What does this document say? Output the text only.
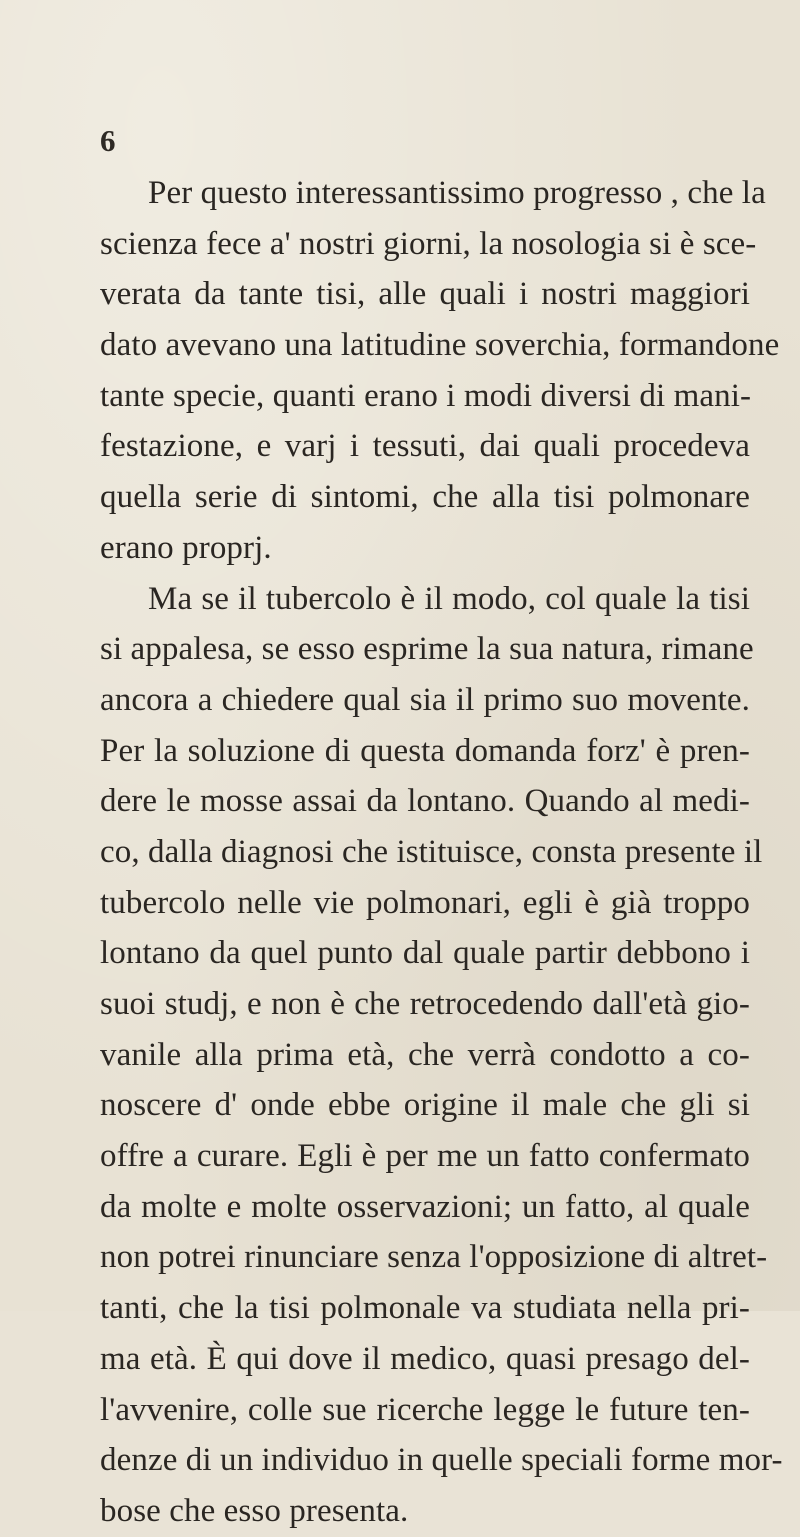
6
Per questo interessantissimo progresso , che la
scienza fece a' nostri giorni, la nosologia si è sce-
verata da tante tisi, alle quali i nostri maggiori
dato avevano una latitudine soverchia, formandone
tante specie, quanti erano i modi diversi di mani-
festazione, e varj i tessuti, dai quali procedeva
quella serie di sintomi, che alla tisi polmonare
erano proprj.
Ma se il tubercolo è il modo, col quale la tisi
si appalesa, se esso esprime la sua natura, rimane
ancora a chiedere qual sia il primo suo movente.
Per la soluzione di questa domanda forz' è pren-
dere le mosse assai da lontano. Quando al medi-
co, dalla diagnosi che istituisce, consta presente il
tubercolo nelle vie polmonari, egli è già troppo
lontano da quel punto dal quale partir debbono i
suoi studj, e non è che retrocedendo dall'età gio-
vanile alla prima età, che verrà condotto a co-
noscere d' onde ebbe origine il male che gli si
offre a curare. Egli è per me un fatto confermato
da molte e molte osservazioni; un fatto, al quale
non potrei rinunciare senza l'opposizione di altret-
tanti, che la tisi polmonale va studiata nella pri-
ma età. È qui dove il medico, quasi presago del-
l'avvenire, colle sue ricerche legge le future ten-
denze di un individuo in quelle speciali forme mor-
bose che esso presenta.
